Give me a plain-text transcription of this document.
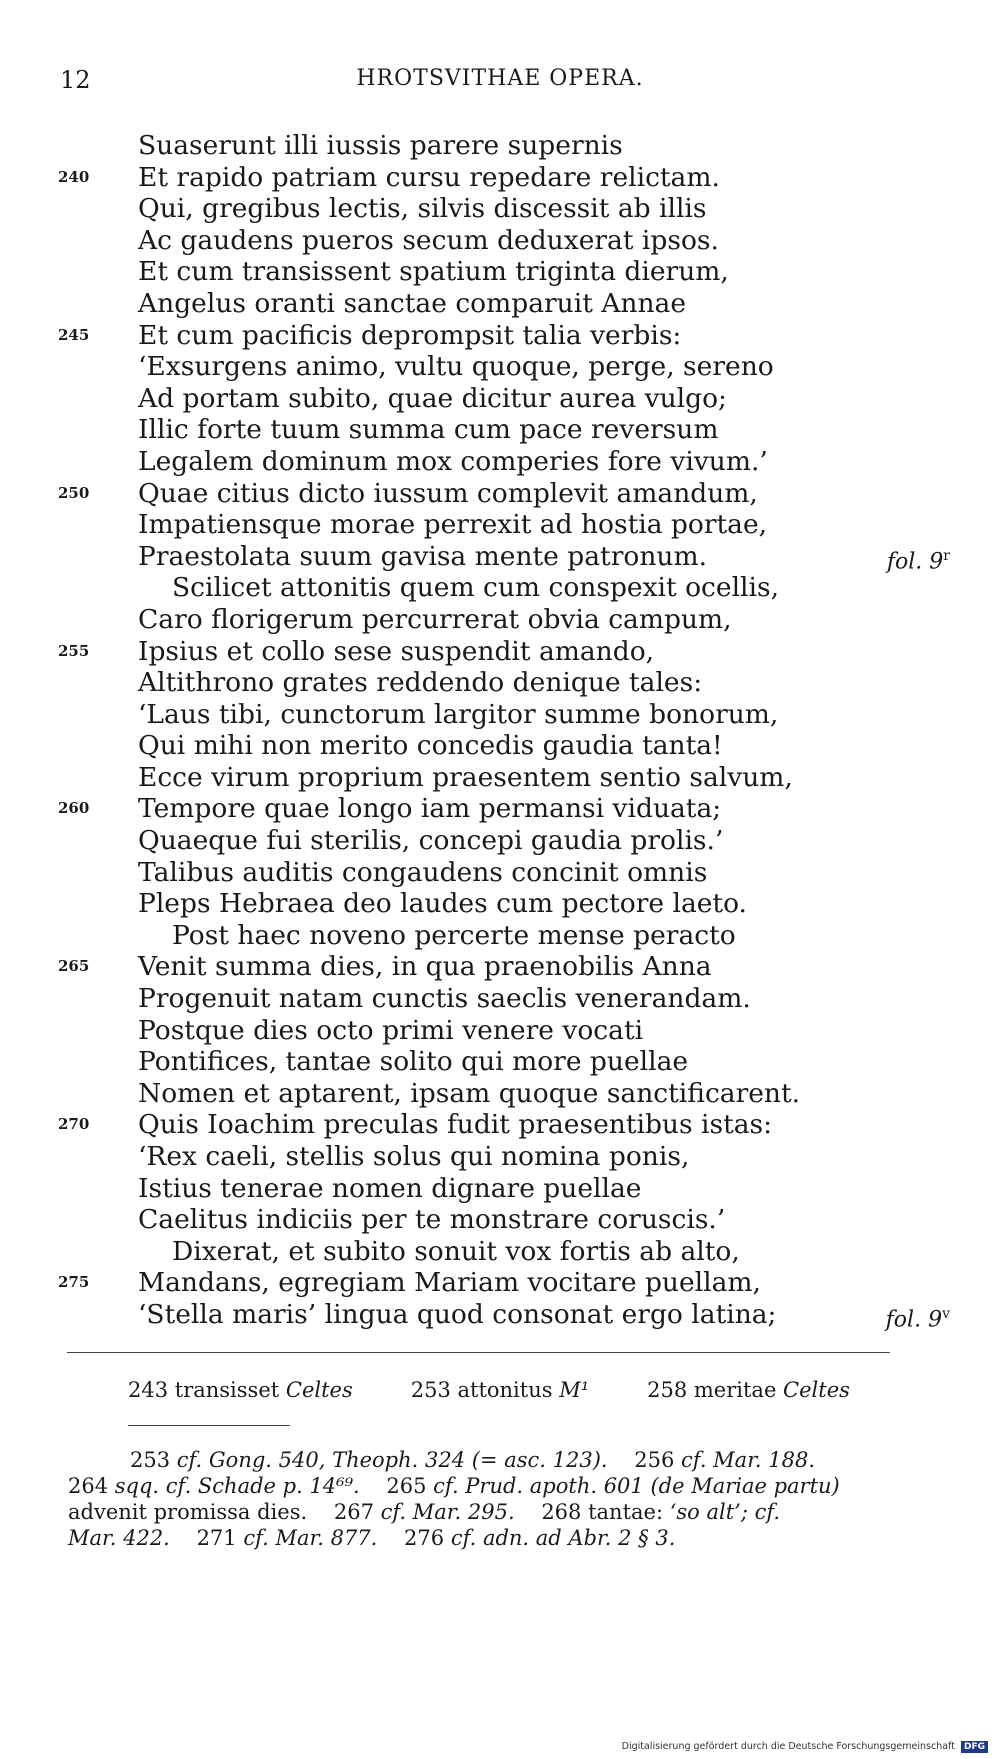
12	HROTSVITHAE OPERA.
Suaserunt illi iussis parere supernis
240	Et rapido patriam cursu repedare relictam.
Qui, gregibus lectis, silvis discessit ab illis
Ac gaudens pueros secum deduxerat ipsos.
Et cum transissent spatium triginta dierum,
Angelus oranti sanctae comparuit Annae
245	Et cum pacificis deprompsit talia verbis:
‘Exsurgens animo, vultu quoque, perge, sereno
Ad portam subito, quae dicitur aurea vulgo;
Illic forte tuum summa cum pace reversum
Legalem dominum mox comperies fore vivum.’
250	Quae citius dicto iussum complevit amandum,
Impatiensque morae perrexit ad hostia portae,
Praestolata suum gavisa mente patronum.	fol. 9$^r$
Scilicet attonitis quem cum conspexit ocellis,
Caro florigerum percurrerat obvia campum,
255	Ipsius et collo sese suspendit amando,
Altithrono grates reddendo denique tales:
‘Laus tibi, cunctorum largitor summe bonorum,
Qui mihi non merito concedis gaudia tanta!
Ecce virum proprium praesentem sentio salvum,
260	Tempore quae longo iam permansi viduata;
Quaeque fui sterilis, concepi gaudia prolis.’
Talibus auditis congaudens concinit omnis
Pleps Hebraea deo laudes cum pectore laeto.
Post haec noveno percerte mense peracto
265	Venit summa dies, in qua praenobilis Anna
Progenuit natam cunctis saeclis venerandam.
Postque dies octo primi venere vocati
Pontifices, tantae solito qui more puellae
Nomen et aptarent, ipsam quoque sanctificarent.
270	Quis Ioachim preculas fudit praesentibus istas:
‘Rex caeli, stellis solus qui nomina ponis,
Istius tenerae nomen dignare puellae
Caelitus indiciis per te monstrare coruscis.’
Dixerat, et subito sonuit vox fortis ab alto,
275	Mandans, egregiam Mariam vocitare puellam,
‘Stella maris’ lingua quod consonat ergo latina;	fol. 9$^v$
243 transisset Celtes	253 attonitus M¹	258 meritae Celtes
253 cf. Gong. 540, Theoph. 324 (= asc. 123).    256 cf. Mar. 188.
264 sqq. cf. Schade p. 14⁶⁹.    265 cf. Prud. apoth. 601 (de Mariae partu)
advenit promissa dies.    267 cf. Mar. 295.    268 tantae: ‘so alt’; cf.
Mar. 422.    271 cf. Mar. 877.    276 cf. adn. ad Abr. 2 § 3.
Digitalisierung gefördert durch die Deutsche Forschungsgemeinschaft DFG
